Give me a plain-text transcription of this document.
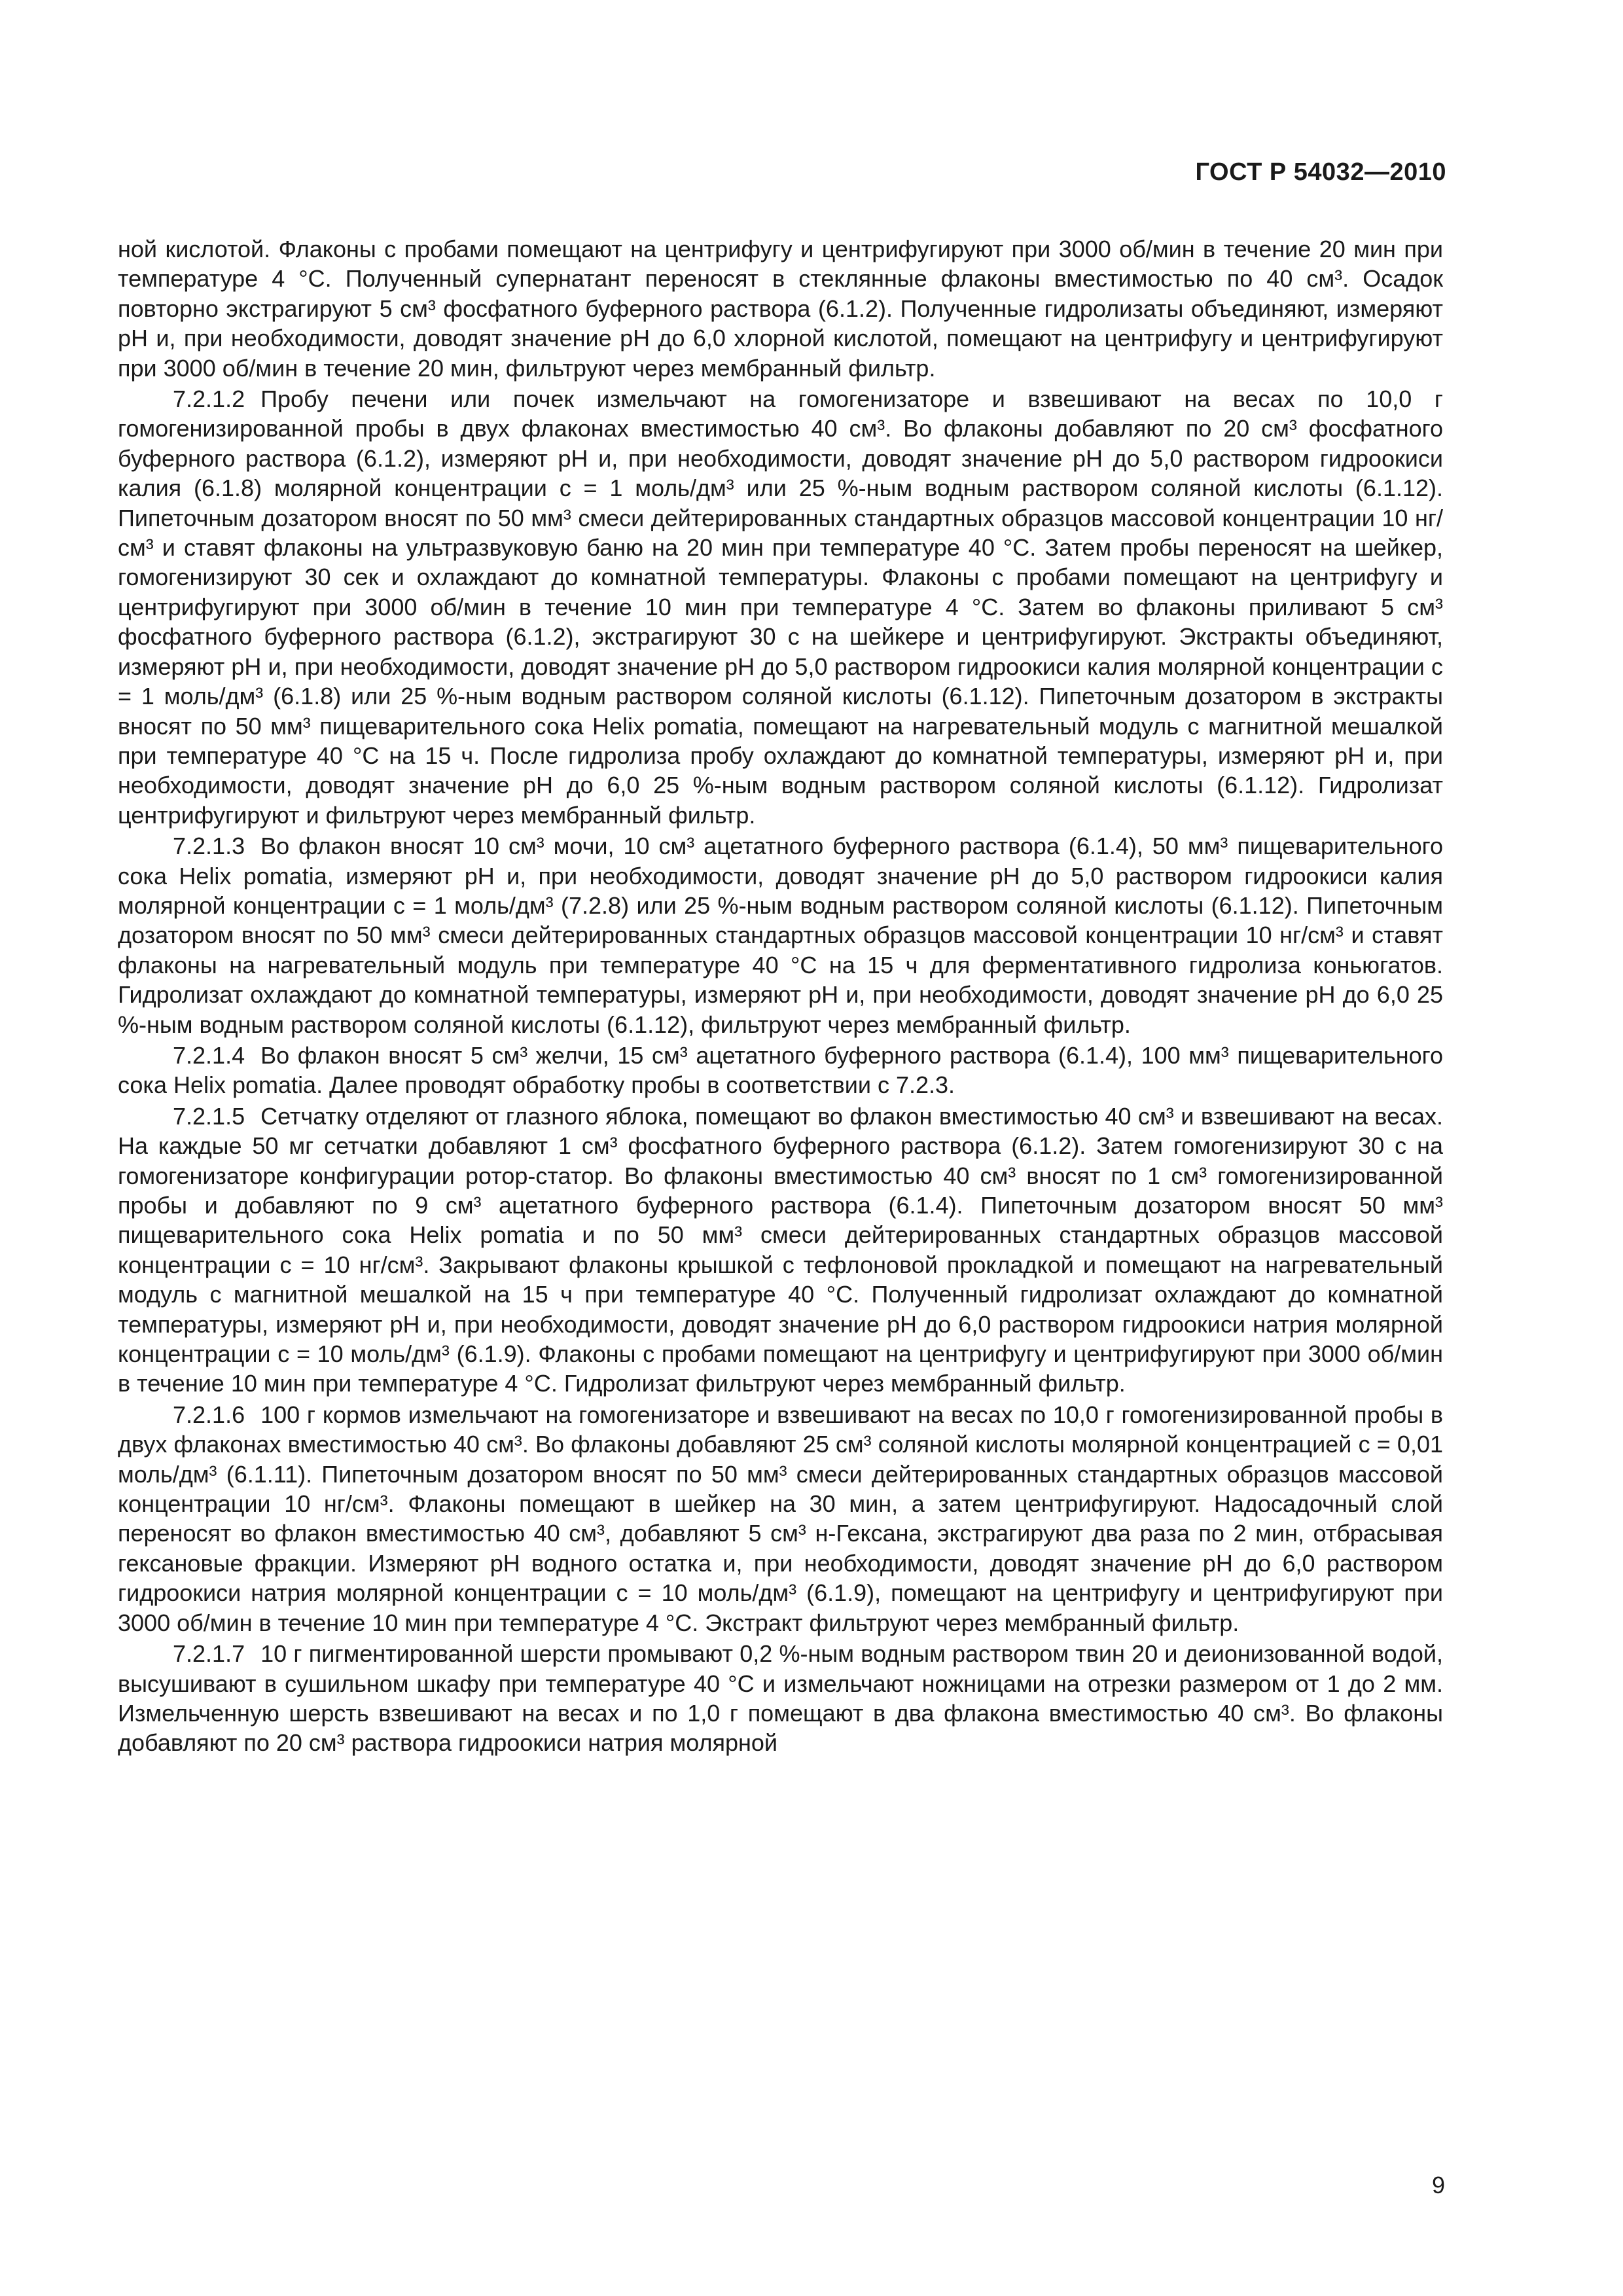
ГОСТ Р 54032—2010

ной кислотой. Флаконы с пробами помещают на центрифугу и центрифугируют при 3000 об/мин в течение 20 мин при температуре 4 °С. Полученный супернатант переносят в стеклянные флаконы вместимостью по 40 см³. Осадок повторно экстрагируют 5 см³ фосфатного буферного раствора (6.1.2). Полученные гидролизаты объединяют, измеряют pH и, при необходимости, доводят значение pH до 6,0 хлорной кислотой, помещают на центрифугу и центрифугируют при 3000 об/мин в течение 20 мин, фильтруют через мембранный фильтр.

7.2.1.2 Пробу печени или почек измельчают на гомогенизаторе и взвешивают на весах по 10,0 г гомогенизированной пробы в двух флаконах вместимостью 40 см³. Во флаконы добавляют по 20 см³ фосфатного буферного раствора (6.1.2), измеряют pH и, при необходимости, доводят значение pH до 5,0 раствором гидроокиси калия (6.1.8) молярной концентрации с = 1 моль/дм³ или 25 %-ным водным раствором соляной кислоты (6.1.12). Пипеточным дозатором вносят по 50 мм³ смеси дейтерированных стандартных образцов массовой концентрации 10 нг/см³ и ставят флаконы на ультразвуковую баню на 20 мин при температуре 40 °С. Затем пробы переносят на шейкер, гомогенизируют 30 сек и охлаждают до комнатной температуры. Флаконы с пробами помещают на центрифугу и центрифугируют при 3000 об/мин в течение 10 мин при температуре 4 °С. Затем во флаконы приливают 5 см³ фосфатного буферного раствора (6.1.2), экстрагируют 30 с на шейкере и центрифугируют. Экстракты объединяют, измеряют pH и, при необходимости, доводят значение pH до 5,0 раствором гидроокиси калия молярной концентрации с = 1 моль/дм³ (6.1.8) или 25 %-ным водным раствором соляной кислоты (6.1.12). Пипеточным дозатором в экстракты вносят по 50 мм³ пищеварительного сока Helix pomatia, помещают на нагревательный модуль с магнитной мешалкой при температуре 40 °С на 15 ч. После гидролиза пробу охлаждают до комнатной температуры, измеряют pH и, при необходимости, доводят значение pH до 6,0 25 %-ным водным раствором соляной кислоты (6.1.12). Гидролизат центрифугируют и фильтруют через мембранный фильтр.

7.2.1.3 Во флакон вносят 10 см³ мочи, 10 см³ ацетатного буферного раствора (6.1.4), 50 мм³ пищеварительного сока Helix pomatia, измеряют pH и, при необходимости, доводят значение pH до 5,0 раствором гидроокиси калия молярной концентрации с = 1 моль/дм³ (7.2.8) или 25 %-ным водным раствором соляной кислоты (6.1.12). Пипеточным дозатором вносят по 50 мм³ смеси дейтерированных стандартных образцов массовой концентрации 10 нг/см³ и ставят флаконы на нагревательный модуль при температуре 40 °С на 15 ч для ферментативного гидролиза коньюгатов. Гидролизат охлаждают до комнатной температуры, измеряют pH и, при необходимости, доводят значение pH до 6,0 25 %-ным водным раствором соляной кислоты (6.1.12), фильтруют через мембранный фильтр.

7.2.1.4 Во флакон вносят 5 см³ желчи, 15 см³ ацетатного буферного раствора (6.1.4), 100 мм³ пищеварительного сока Helix pomatia. Далее проводят обработку пробы в соответствии с 7.2.3.

7.2.1.5 Сетчатку отделяют от глазного яблока, помещают во флакон вместимостью 40 см³ и взвешивают на весах. На каждые 50 мг сетчатки добавляют 1 см³ фосфатного буферного раствора (6.1.2). Затем гомогенизируют 30 с на гомогенизаторе конфигурации ротор-статор. Во флаконы вместимостью 40 см³ вносят по 1 см³ гомогенизированной пробы и добавляют по 9 см³ ацетатного буферного раствора (6.1.4). Пипеточным дозатором вносят 50 мм³ пищеварительного сока Helix pomatia и по 50 мм³ смеси дейтерированных стандартных образцов массовой концентрации с = 10 нг/см³. Закрывают флаконы крышкой с тефлоновой прокладкой и помещают на нагревательный модуль с магнитной мешалкой на 15 ч при температуре 40 °С. Полученный гидролизат охлаждают до комнатной температуры, измеряют pH и, при необходимости, доводят значение pH до 6,0 раствором гидроокиси натрия молярной концентрации с = 10 моль/дм³ (6.1.9). Флаконы с пробами помещают на центрифугу и центрифугируют при 3000 об/мин в течение 10 мин при температуре 4 °С. Гидролизат фильтруют через мембранный фильтр.

7.2.1.6 100 г кормов измельчают на гомогенизаторе и взвешивают на весах по 10,0 г гомогенизированной пробы в двух флаконах вместимостью 40 см³. Во флаконы добавляют 25 см³ соляной кислоты молярной концентрацией с = 0,01 моль/дм³ (6.1.11). Пипеточным дозатором вносят по 50 мм³ смеси дейтерированных стандартных образцов массовой концентрации 10 нг/см³. Флаконы помещают в шейкер на 30 мин, а затем центрифугируют. Надосадочный слой переносят во флакон вместимостью 40 см³, добавляют 5 см³ н-Гексана, экстрагируют два раза по 2 мин, отбрасывая гексановые фракции. Измеряют pH водного остатка и, при необходимости, доводят значение pH до 6,0 раствором гидроокиси натрия молярной концентрации с = 10 моль/дм³ (6.1.9), помещают на центрифугу и центрифугируют при 3000 об/мин в течение 10 мин при температуре 4 °С. Экстракт фильтруют через мембранный фильтр.

7.2.1.7 10 г пигментированной шерсти промывают 0,2 %-ным водным раствором твин 20 и деионизованной водой, высушивают в сушильном шкафу при температуре 40 °С и измельчают ножницами на отрезки размером от 1 до 2 мм. Измельченную шерсть взвешивают на весах и по 1,0 г помещают в два флакона вместимостью 40 см³. Во флаконы добавляют по 20 см³ раствора гидроокиси натрия молярной

9
